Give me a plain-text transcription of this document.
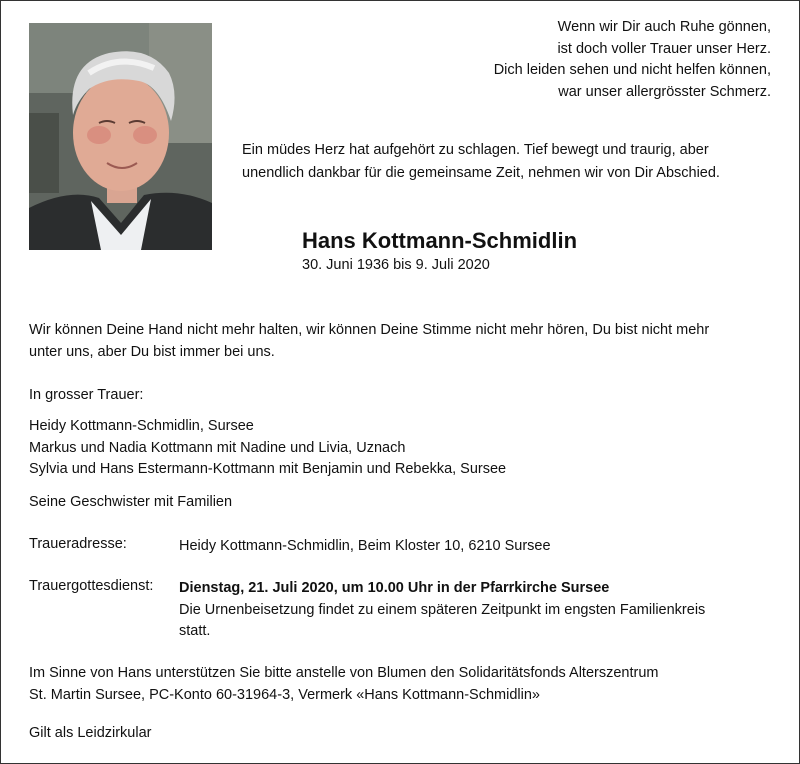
Wenn wir Dir auch Ruhe gönnen,
ist doch voller Trauer unser Herz.
Dich leiden sehen und nicht helfen können,
war unser allergrösster Schmerz.
Ein müdes Herz hat aufgehört zu schlagen. Tief bewegt und traurig, aber
unendlich dankbar für die gemeinsame Zeit, nehmen wir von Dir Abschied.
Hans Kottmann-Schmidlin
30. Juni 1936 bis 9. Juli 2020
Wir können Deine Hand nicht mehr halten, wir können Deine Stimme nicht mehr hören, Du bist nicht mehr
unter uns, aber Du bist immer bei uns.
In grosser Trauer:
Heidy Kottmann-Schmidlin, Sursee
Markus und Nadia Kottmann mit Nadine und Livia, Uznach
Sylvia und Hans Estermann-Kottmann mit Benjamin und Rebekka, Sursee
Seine Geschwister mit Familien
Traueradresse:	Heidy Kottmann-Schmidlin, Beim Kloster 10, 6210 Sursee
Trauergottesdienst: Dienstag, 21. Juli 2020, um 10.00 Uhr in der Pfarrkirche Sursee
Die Urnenbeisetzung findet zu einem späteren Zeitpunkt im engsten Familienkreis
statt.
Im Sinne von Hans unterstützen Sie bitte anstelle von Blumen den Solidaritätsfonds Alterszentrum
St. Martin Sursee, PC-Konto 60-31964-3, Vermerk «Hans Kottmann-Schmidlin»
Gilt als Leidzirkular
